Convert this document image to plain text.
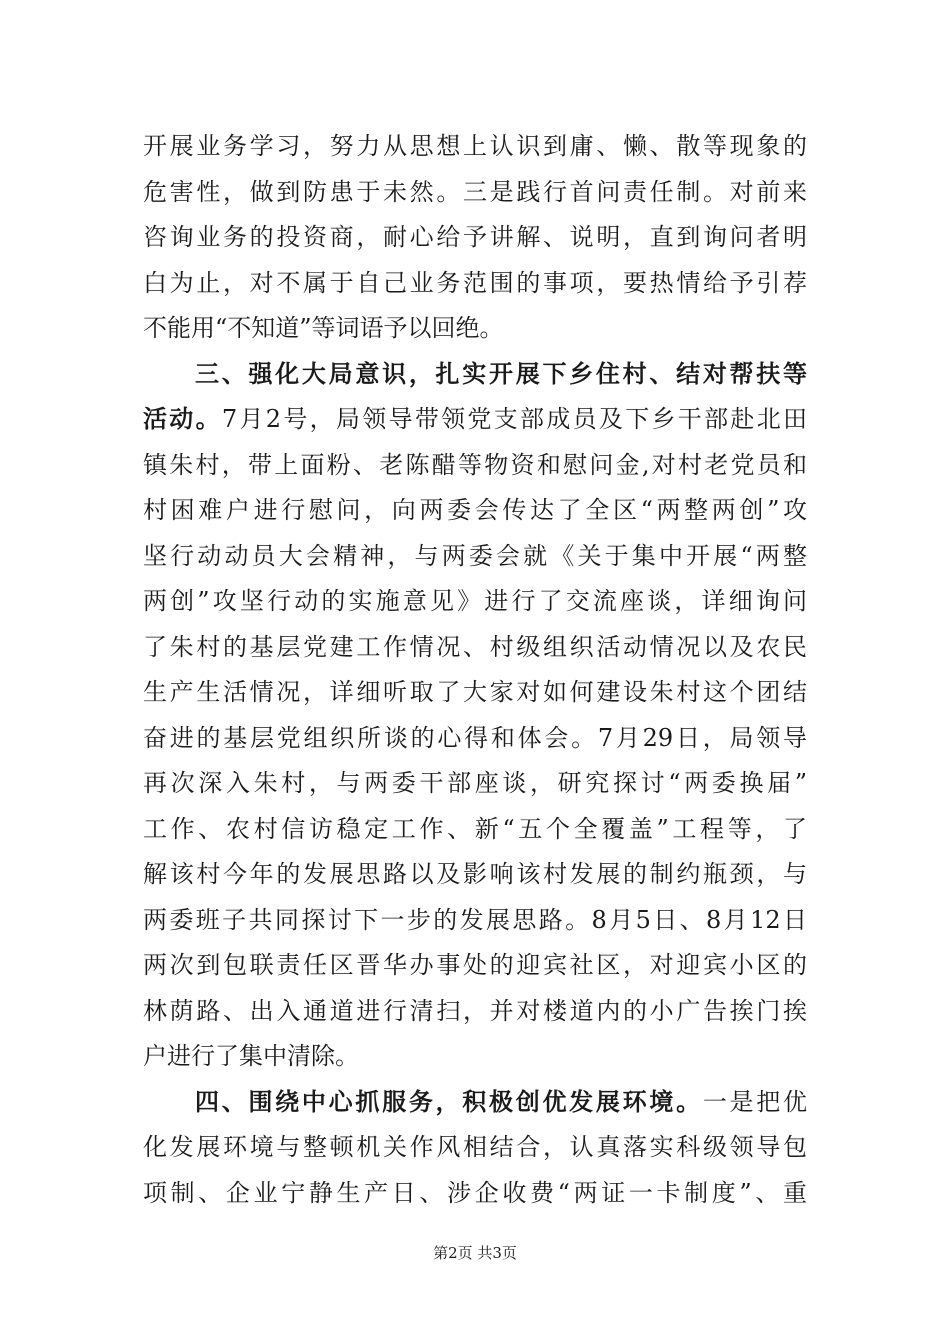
开展业务学习，努力从思想上认识到庸、懒、散等现象的
危害性，做到防患于未然。三是践行首问责任制。对前来
咨询业务的投资商，耐心给予讲解、说明，直到询问者明
白为止，对不属于自己业务范围的事项，要热情给予引荐
不能用“不知道”等词语予以回绝。
三、强化大局意识，扎实开展下乡住村、结对帮扶等
活动。7月2号，局领导带领党支部成员及下乡干部赴北田
镇朱村，带上面粉、老陈醋等物资和慰问金,对村老党员和
村困难户进行慰问，向两委会传达了全区“两整两创”攻
坚行动动员大会精神，与两委会就《关于集中开展“两整
两创”攻坚行动的实施意见》进行了交流座谈，详细询问
了朱村的基层党建工作情况、村级组织活动情况以及农民
生产生活情况，详细听取了大家对如何建设朱村这个团结
奋进的基层党组织所谈的心得和体会。7月29日，局领导
再次深入朱村，与两委干部座谈，研究探讨“两委换届”
工作、农村信访稳定工作、新“五个全覆盖”工程等，了
解该村今年的发展思路以及影响该村发展的制约瓶颈，与
两委班子共同探讨下一步的发展思路。8月5日、8月12日
两次到包联责任区晋华办事处的迎宾社区，对迎宾小区的
林荫路、出入通道进行清扫，并对楼道内的小广告挨门挨
户进行了集中清除。
四、围绕中心抓服务，积极创优发展环境。一是把优
化发展环境与整顿机关作风相结合，认真落实科级领导包
项制、企业宁静生产日、涉企收费“两证一卡制度”、重
第2页 共3页
